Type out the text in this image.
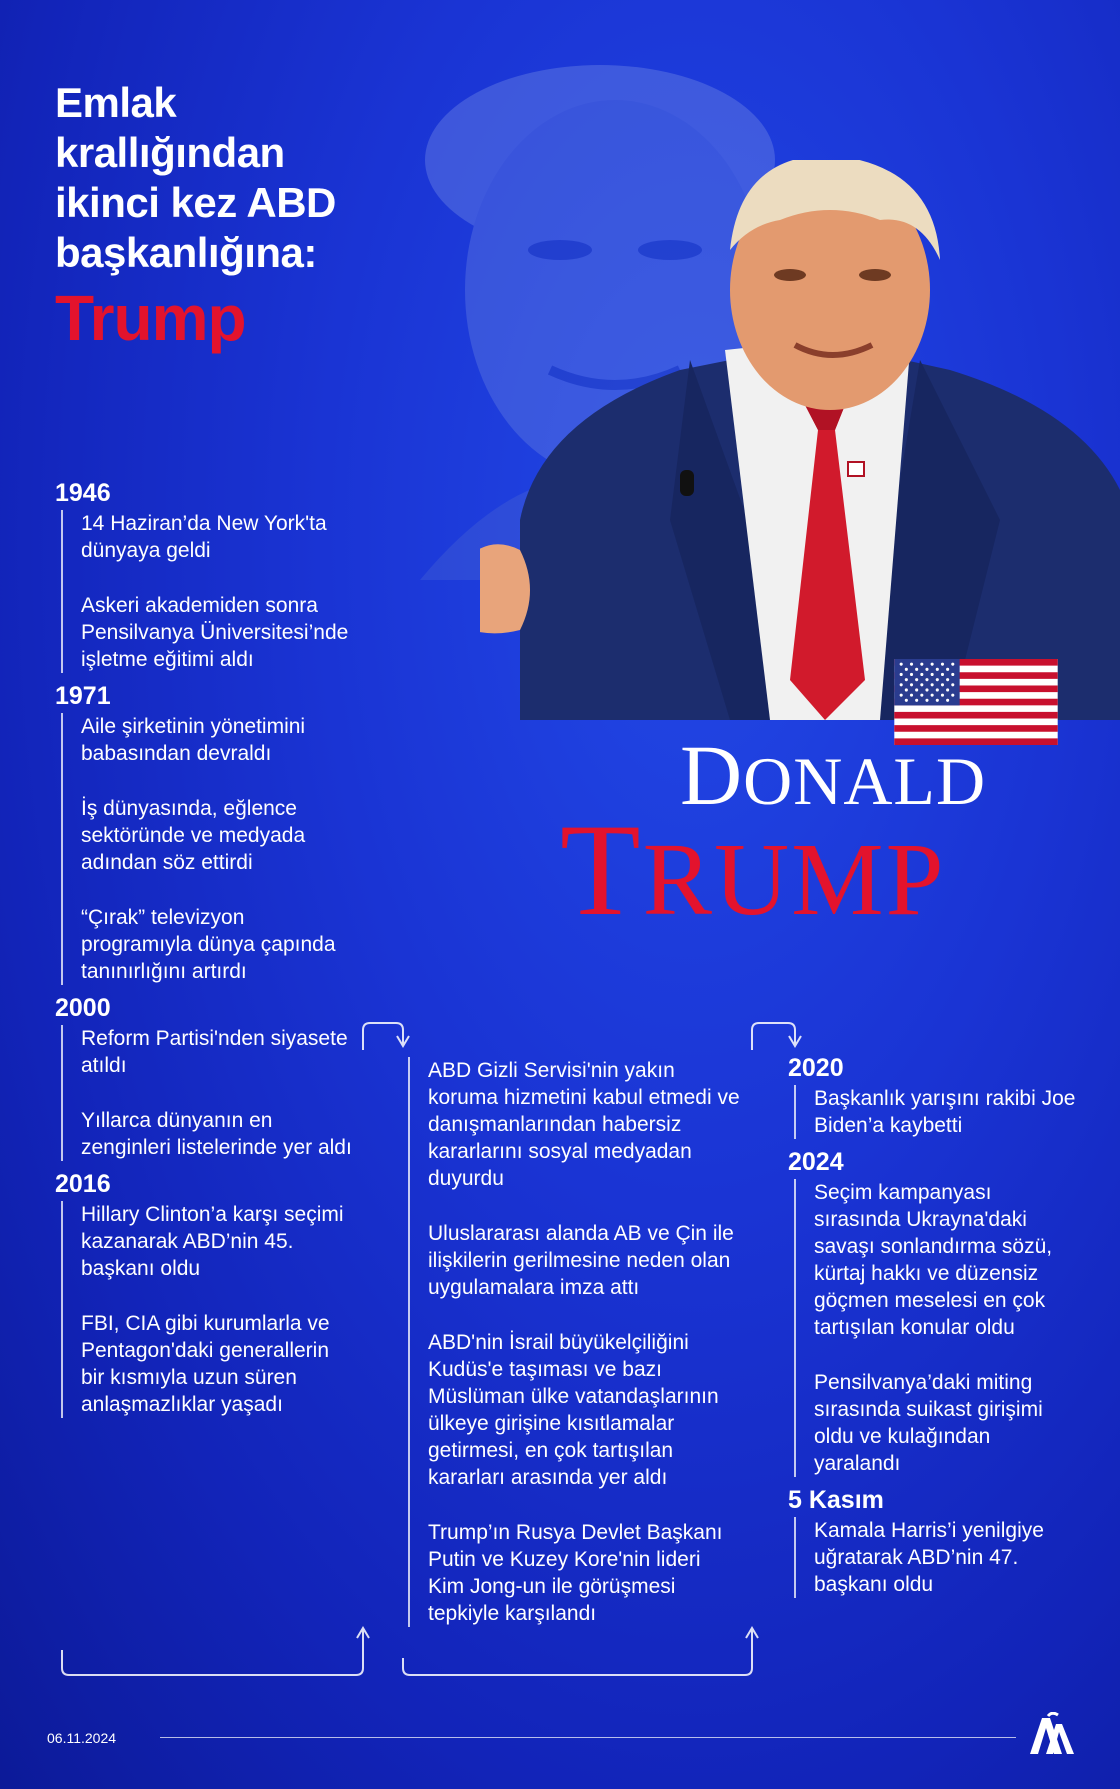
Emlak
krallığından
ikinci kez ABD
başkanlığına:
Trump
DONALD
TRUMP
1946
14 Haziran’da New York'ta dünyaya geldi
Askeri akademiden sonra Pensilvanya Üniversitesi’nde işletme eğitimi aldı
1971
Aile şirketinin yönetimini babasından devraldı
İş dünyasında, eğlence sektöründe ve medyada adından söz ettirdi
“Çırak” televizyon programıyla dünya çapında tanınırlığını artırdı
2000
Reform Partisi'nden siyasete atıldı
Yıllarca dünyanın en zenginleri listelerinde yer aldı
2016
Hillary Clinton’a karşı seçimi kazanarak ABD’nin 45. başkanı oldu
FBI, CIA gibi kurumlarla ve Pentagon'daki generallerin bir kısmıyla uzun süren anlaşmazlıklar yaşadı
ABD Gizli Servisi'nin yakın koruma hizmetini kabul etmedi ve danışmanlarından habersiz kararlarını sosyal medyadan duyurdu
Uluslararası alanda AB ve Çin ile ilişkilerin gerilmesine neden olan uygulamalara imza attı
ABD'nin İsrail büyükelçiliğini Kudüs'e taşıması ve bazı Müslüman ülke vatandaşlarının ülkeye girişine kısıtlamalar getirmesi, en çok tartışılan kararları arasında yer aldı
Trump’ın Rusya Devlet Başkanı Putin ve Kuzey Kore'nin lideri Kim Jong-un ile görüşmesi tepkiyle karşılandı
2020
Başkanlık yarışını rakibi Joe Biden’a kaybetti
2024
Seçim kampanyası sırasında Ukrayna'daki savaşı sonlandırma sözü, kürtaj hakkı ve düzensiz göçmen meselesi en çok tartışılan konular oldu
Pensilvanya’daki miting sırasında suikast girişimi oldu ve kulağından yaralandı
5 Kasım
Kamala Harris’i yenilgiye uğratarak ABD’nin 47. başkanı oldu
06.11.2024
